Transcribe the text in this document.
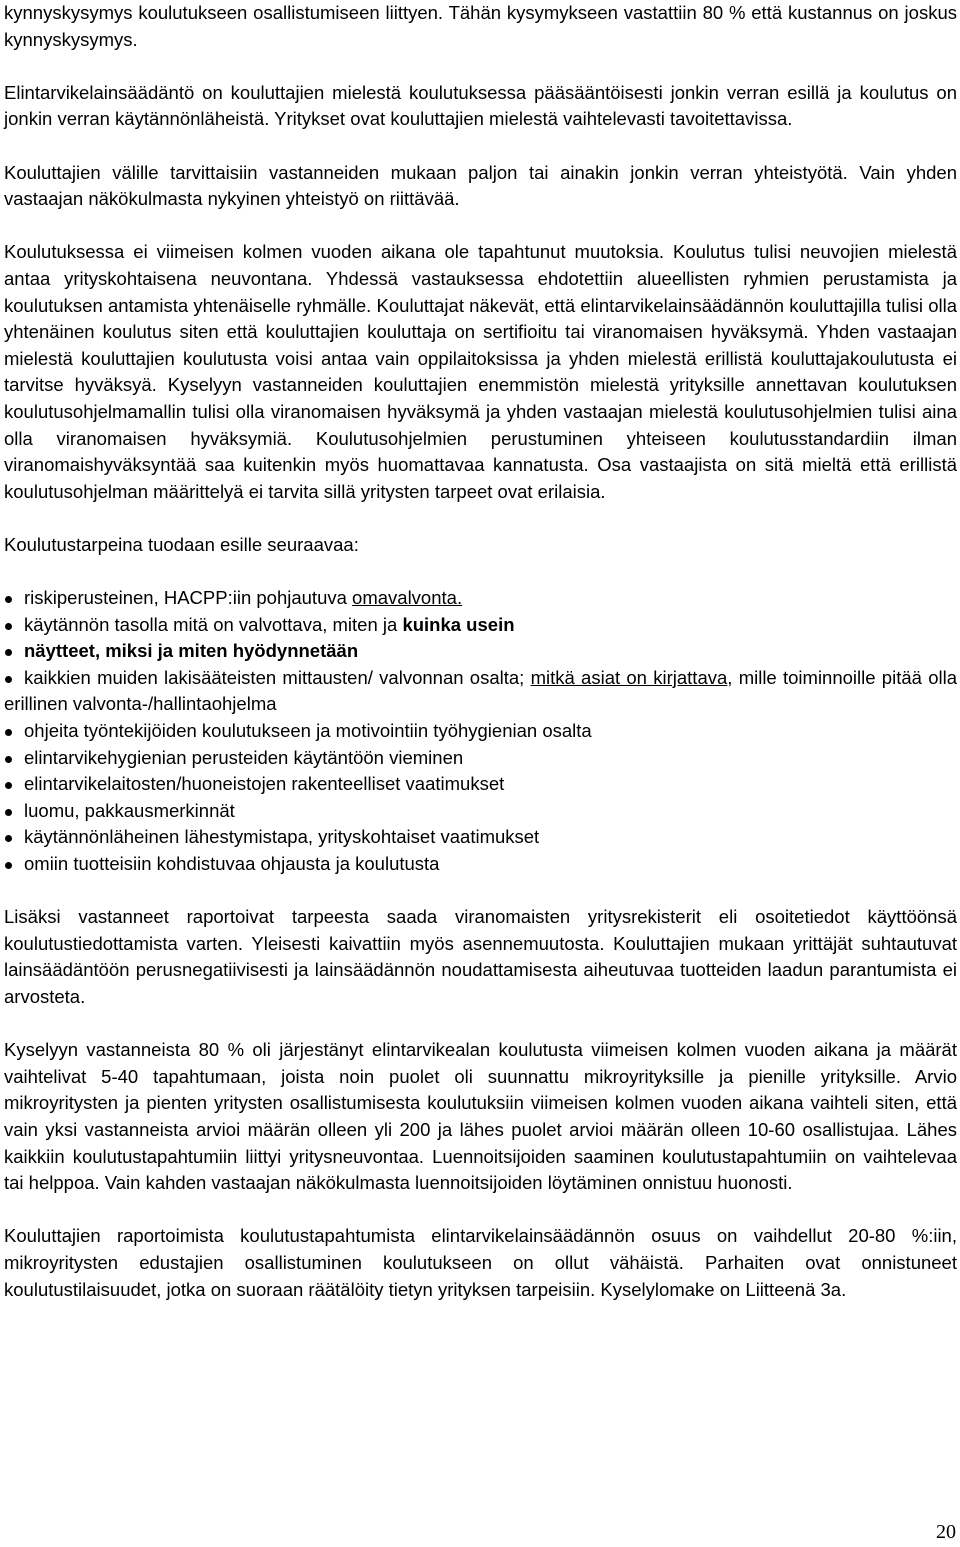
kynnyskysymys koulutukseen osallistumiseen liittyen. Tähän kysymykseen vastattiin 80 % että kustannus on joskus kynnyskysymys.

Elintarvikelainsäädäntö on kouluttajien mielestä koulutuksessa pääsääntöisesti jonkin verran esillä ja koulutus on jonkin verran käytännönläheistä. Yritykset ovat kouluttajien mielestä vaihtelevasti tavoitettavissa.

Kouluttajien välille tarvittaisiin vastanneiden mukaan paljon tai ainakin jonkin verran yhteistyötä. Vain yhden vastaajan näkökulmasta nykyinen yhteistyö on riittävää.

Koulutuksessa ei viimeisen kolmen vuoden aikana ole tapahtunut muutoksia. Koulutus tulisi neuvojien mielestä antaa yrityskohtaisena neuvontana. Yhdessä vastauksessa ehdotettiin alueellisten ryhmien perustamista ja koulutuksen antamista yhtenäiselle ryhmälle. Kouluttajat näkevät, että elintarvikelainsäädännön kouluttajilla tulisi olla yhtenäinen koulutus siten että kouluttajien kouluttaja on sertifioitu tai viranomaisen hyväksymä. Yhden vastaajan mielestä kouluttajien koulutusta voisi antaa vain oppilaitoksissa ja yhden mielestä erillistä kouluttajakoulutusta ei tarvitse hyväksyä. Kyselyyn vastanneiden kouluttajien enemmistön mielestä yrityksille annettavan koulutuksen koulutusohjelmamallin tulisi olla viranomaisen hyväksymä ja yhden vastaajan mielestä koulutusohjelmien tulisi aina olla viranomaisen hyväksymiä. Koulutusohjelmien perustuminen yhteiseen koulutusstandardiin ilman viranomaishyväksyntää saa kuitenkin myös huomattavaa kannatusta. Osa vastaajista on sitä mieltä että erillistä koulutusohjelman määrittelyä ei tarvita sillä yritysten tarpeet ovat erilaisia.

Koulutustarpeina tuodaan esille seuraavaa:

riskiperusteinen, HACPP:iin pohjautuva omavalvonta.
käytännön tasolla mitä on valvottava, miten ja kuinka usein
näytteet, miksi ja miten hyödynnetään
kaikkien muiden lakisääteisten mittausten/ valvonnan osalta; mitkä asiat on kirjattava, mille toiminnoille pitää olla erillinen valvonta-/hallintaohjelma
ohjeita työntekijöiden koulutukseen ja motivointiin työhygienian osalta
elintarvikehygienian perusteiden käytäntöön vieminen
elintarvikelaitosten/huoneistojen rakenteelliset vaatimukset
luomu, pakkausmerkinnät
käytännönläheinen lähestymistapa, yrityskohtaiset vaatimukset
omiin tuotteisiin kohdistuvaa ohjausta ja koulutusta

Lisäksi vastanneet raportoivat tarpeesta saada viranomaisten yritysrekisterit eli osoitetiedot käyttöönsä koulutustiedottamista varten. Yleisesti kaivattiin myös asennemuutosta. Kouluttajien mukaan yrittäjät suhtautuvat lainsäädäntöön perusnegatiivisesti ja lainsäädännön noudattamisesta aiheutuvaa tuotteiden laadun parantumista ei arvosteta.

Kyselyyn vastanneista 80 % oli järjestänyt elintarvikealan koulutusta viimeisen kolmen vuoden aikana ja määrät vaihtelivat 5-40 tapahtumaan, joista noin puolet oli suunnattu mikroyrityksille ja pienille yrityksille. Arvio mikroyritysten ja pienten yritysten osallistumisesta koulutuksiin viimeisen kolmen vuoden aikana vaihteli siten, että vain yksi vastanneista arvioi määrän olleen yli 200 ja lähes puolet arvioi määrän olleen 10-60 osallistujaa. Lähes kaikkiin koulutustapahtumiin liittyi yritysneuvontaa. Luennoitsijoiden saaminen koulutustapahtumiin on vaihtelevaa tai helppoa. Vain kahden vastaajan näkökulmasta luennoitsijoiden löytäminen onnistuu huonosti.

Kouluttajien raportoimista koulutustapahtumista elintarvikelainsäädännön osuus on vaihdellut 20-80 %:iin, mikroyritysten edustajien osallistuminen koulutukseen on ollut vähäistä. Parhaiten ovat onnistuneet koulutustilaisuudet, jotka on suoraan räätälöity tietyn yrityksen tarpeisiin. Kyselylomake on Liitteenä 3a.

20
